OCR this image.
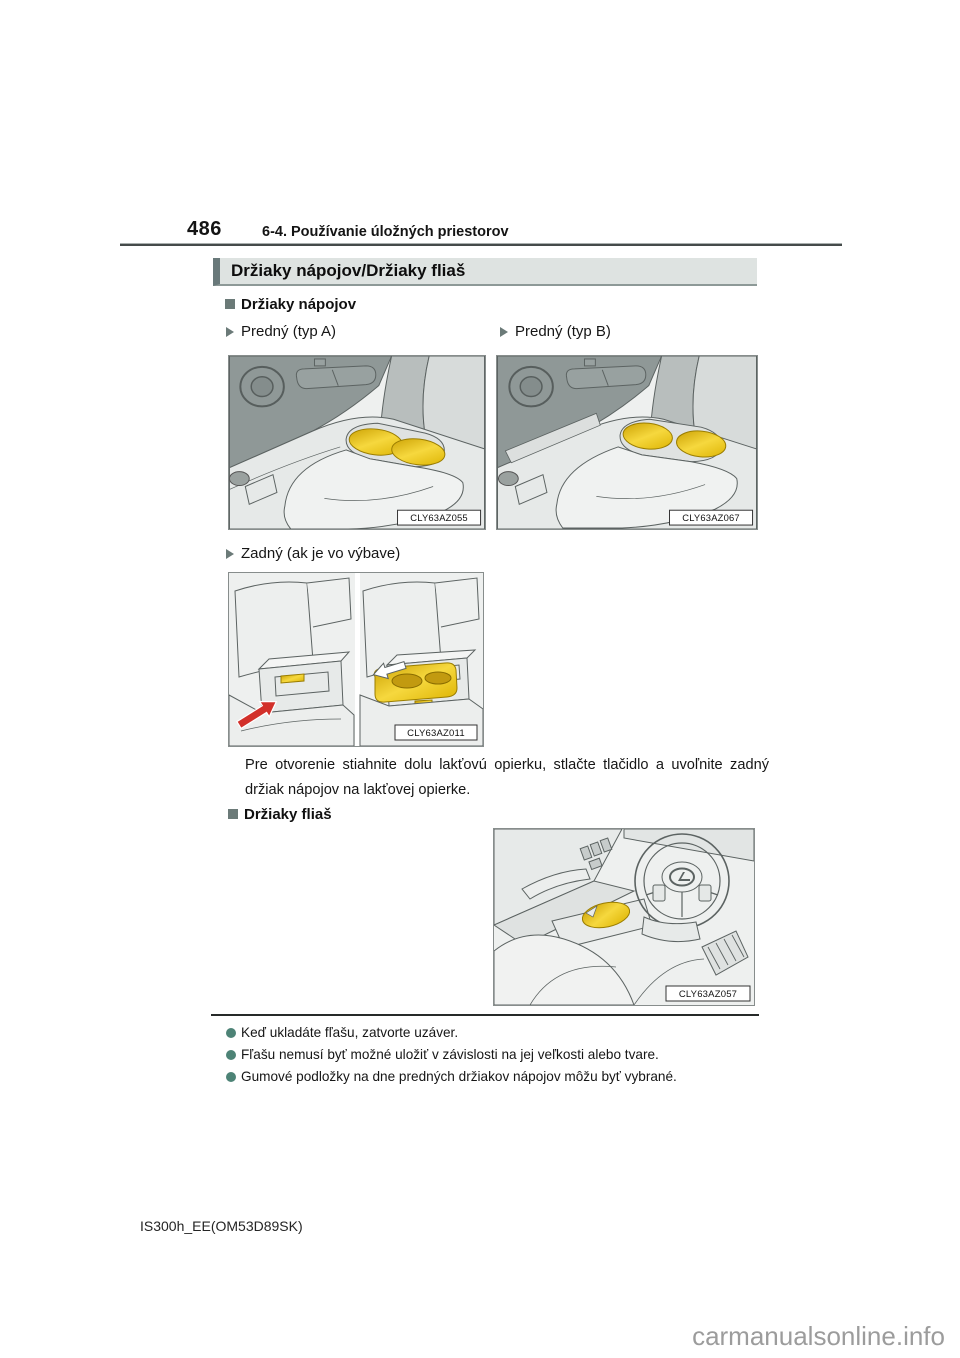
486	6-4. Používanie úložných priestorov
Držiaky nápojov/Držiaky fliaš
Držiaky nápojov
Predný (typ A)	Predný (typ B)
CLY63AZ055	CLY63AZ067
Zadný (ak je vo výbave)
CLY63AZ011
Pre otvorenie stiahnite dolu lakťovú opierku, stlačte tlačidlo a uvoľnite zadný držiak nápojov na lakťovej opierke.
Držiaky fliaš
CLY63AZ057
Keď ukladáte fľašu, zatvorte uzáver.
Fľašu nemusí byť možné uložiť v závislosti na jej veľkosti alebo tvare.
Gumové podložky na dne predných držiakov nápojov môžu byť vybrané.
IS300h_EE(OM53D89SK)
carmanualsonline.info
